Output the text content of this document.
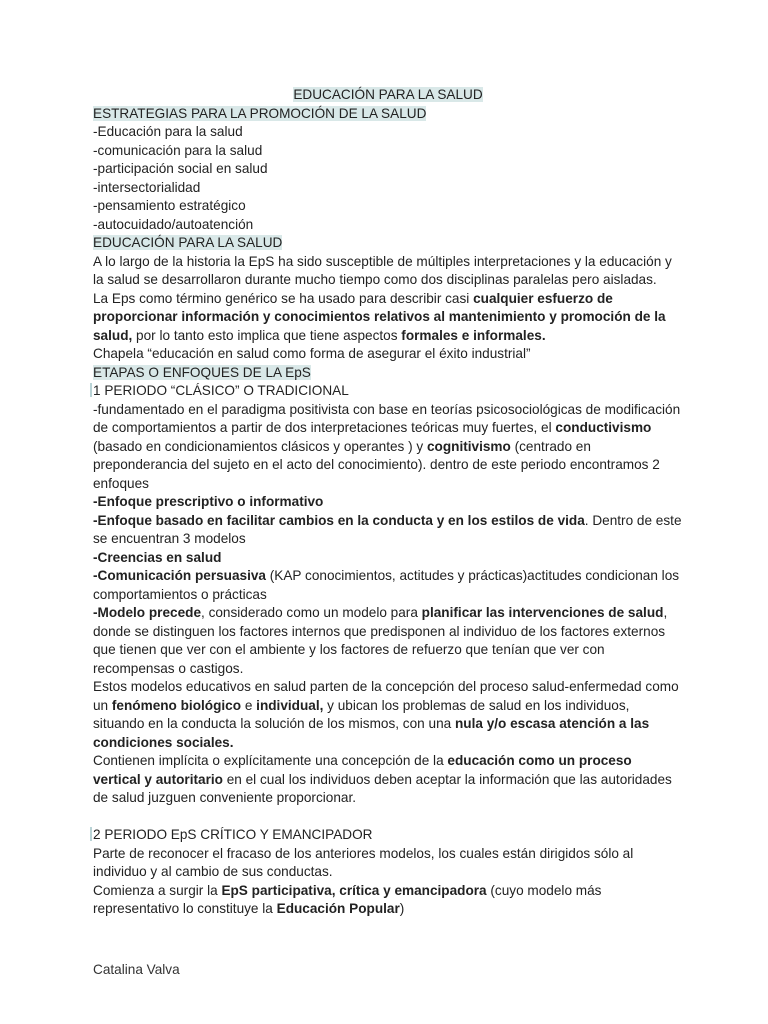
EDUCACIÓN PARA LA SALUD
ESTRATEGIAS PARA LA PROMOCIÓN DE LA SALUD
-Educación para la salud
-comunicación para la salud
-participación social en salud
-intersectorialidad
-pensamiento estratégico
-autocuidado/autoatención
EDUCACIÓN PARA LA SALUD
A lo largo de la historia la EpS ha sido susceptible de múltiples interpretaciones y la educación y la salud se desarrollaron durante mucho tiempo como dos disciplinas paralelas pero aisladas.
La Eps como término genérico se ha usado para describir casi cualquier esfuerzo de proporcionar información y conocimientos relativos al mantenimiento y promoción de la salud, por lo tanto esto implica que tiene aspectos formales e informales.
Chapela “educación en salud como forma de asegurar el éxito industrial”
ETAPAS O ENFOQUES DE LA EpS
1 PERIODO “CLÁSICO” O TRADICIONAL
-fundamentado en el paradigma positivista con base en teorías psicosociológicas de modificación de comportamientos a partir de dos interpretaciones teóricas muy fuertes, el conductivismo (basado en condicionamientos clásicos y operantes ) y cognitivismo (centrado en preponderancia del sujeto en el acto del conocimiento). dentro de este periodo encontramos 2 enfoques
-Enfoque prescriptivo o informativo
-Enfoque basado en facilitar cambios en la conducta y en los estilos de vida. Dentro de este se encuentran 3 modelos
-Creencias en salud
-Comunicación persuasiva (KAP conocimientos, actitudes y prácticas)actitudes condicionan los comportamientos o prácticas
-Modelo precede, considerado como un modelo para planificar las intervenciones de salud, donde se distinguen los factores internos que predisponen al individuo de los factores externos que tienen que ver con el ambiente y los factores de refuerzo que tenían que ver con recompensas o castigos.
Estos modelos educativos en salud parten de la concepción del proceso salud-enfermedad como un fenómeno biológico e individual, y ubican los problemas de salud en los individuos, situando en la conducta la solución de los mismos, con una nula y/o escasa atención a las condiciones sociales.
Contienen implícita o explícitamente una concepción de la educación como un proceso vertical y autoritario en el cual los individuos deben aceptar la información que las autoridades de salud juzguen conveniente proporcionar.
2 PERIODO EpS CRÍTICO Y EMANCIPADOR
Parte de reconocer el fracaso de los anteriores modelos, los cuales están dirigidos sólo al individuo y al cambio de sus conductas.
Comienza a surgir la EpS participativa, crítica y emancipadora (cuyo modelo más representativo lo constituye la Educación Popular)
Catalina Valva
